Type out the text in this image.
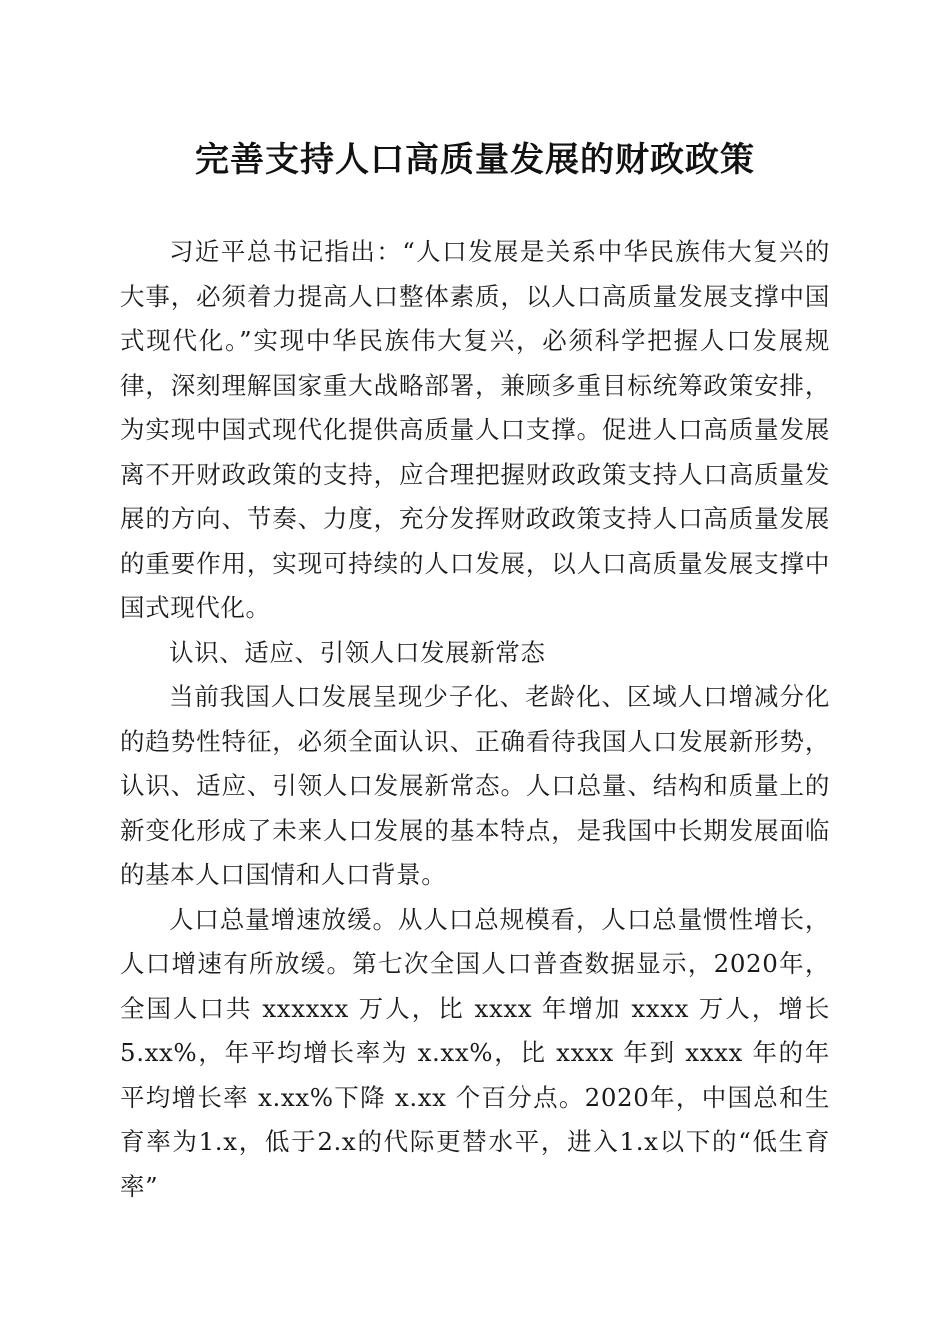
完善支持人口高质量发展的财政政策

习近平总书记指出：“人口发展是关系中华民族伟大复兴的大事，必须着力提高人口整体素质，以人口高质量发展支撑中国式现代化。”实现中华民族伟大复兴，必须科学把握人口发展规律，深刻理解国家重大战略部署，兼顾多重目标统筹政策安排，为实现中国式现代化提供高质量人口支撑。促进人口高质量发展离不开财政政策的支持，应合理把握财政政策支持人口高质量发展的方向、节奏、力度，充分发挥财政政策支持人口高质量发展的重要作用，实现可持续的人口发展，以人口高质量发展支撑中国式现代化。

认识、适应、引领人口发展新常态

当前我国人口发展呈现少子化、老龄化、区域人口增减分化的趋势性特征，必须全面认识、正确看待我国人口发展新形势，认识、适应、引领人口发展新常态。人口总量、结构和质量上的新变化形成了未来人口发展的基本特点，是我国中长期发展面临的基本人口国情和人口背景。

人口总量增速放缓。从人口总规模看，人口总量惯性增长，人口增速有所放缓。第七次全国人口普查数据显示，2020年，全国人口共 xxxxxx 万人，比 xxxx 年增加 xxxx 万人，增长5.xx%，年平均增长率为 x.xx%，比 xxxx 年到 xxxx 年的年平均增长率 x.xx%下降 x.xx 个百分点。2020年，中国总和生育率为1.x，低于2.x的代际更替水平，进入1.x以下的“低生育率”
